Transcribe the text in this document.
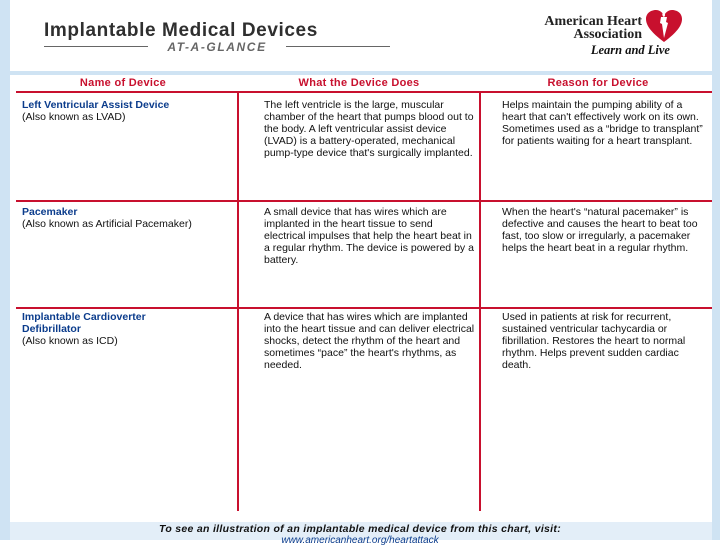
Implantable Medical Devices
AT-A-GLANCE
American Heart
Association
Learn and Live
Name of Device	What the Device Does	Reason for Device
Left Ventricular Assist Device
(Also known as LVAD)
The left ventricle is the large, muscular chamber of the heart that pumps blood out to the body. A left ventricular assist device (LVAD) is a battery-operated, mechanical pump-type device that's surgically implanted.
Helps maintain the pumping ability of a heart that can't effectively work on its own. Sometimes used as a “bridge to transplant” for patients waiting for a heart transplant.
Pacemaker
(Also known as Artificial Pacemaker)
A small device that has wires which are implanted in the heart tissue to send electrical impulses that help the heart beat in a regular rhythm. The device is powered by a battery.
When the heart's “natural pacemaker” is defective and causes the heart to beat too fast, too slow or irregularly, a pacemaker helps the heart beat in a regular rhythm.
Implantable Cardioverter Defibrillator
(Also known as ICD)
A device that has wires which are implanted into the heart tissue and can deliver electrical shocks, detect the rhythm of the heart and sometimes “pace” the heart's rhythms, as needed.
Used in patients at risk for recurrent, sustained ventricular tachycardia or fibrillation. Restores the heart to normal rhythm. Helps prevent sudden cardiac death.
To see an illustration of an implantable medical device from this chart, visit:
www.americanheart.org/heartattack
